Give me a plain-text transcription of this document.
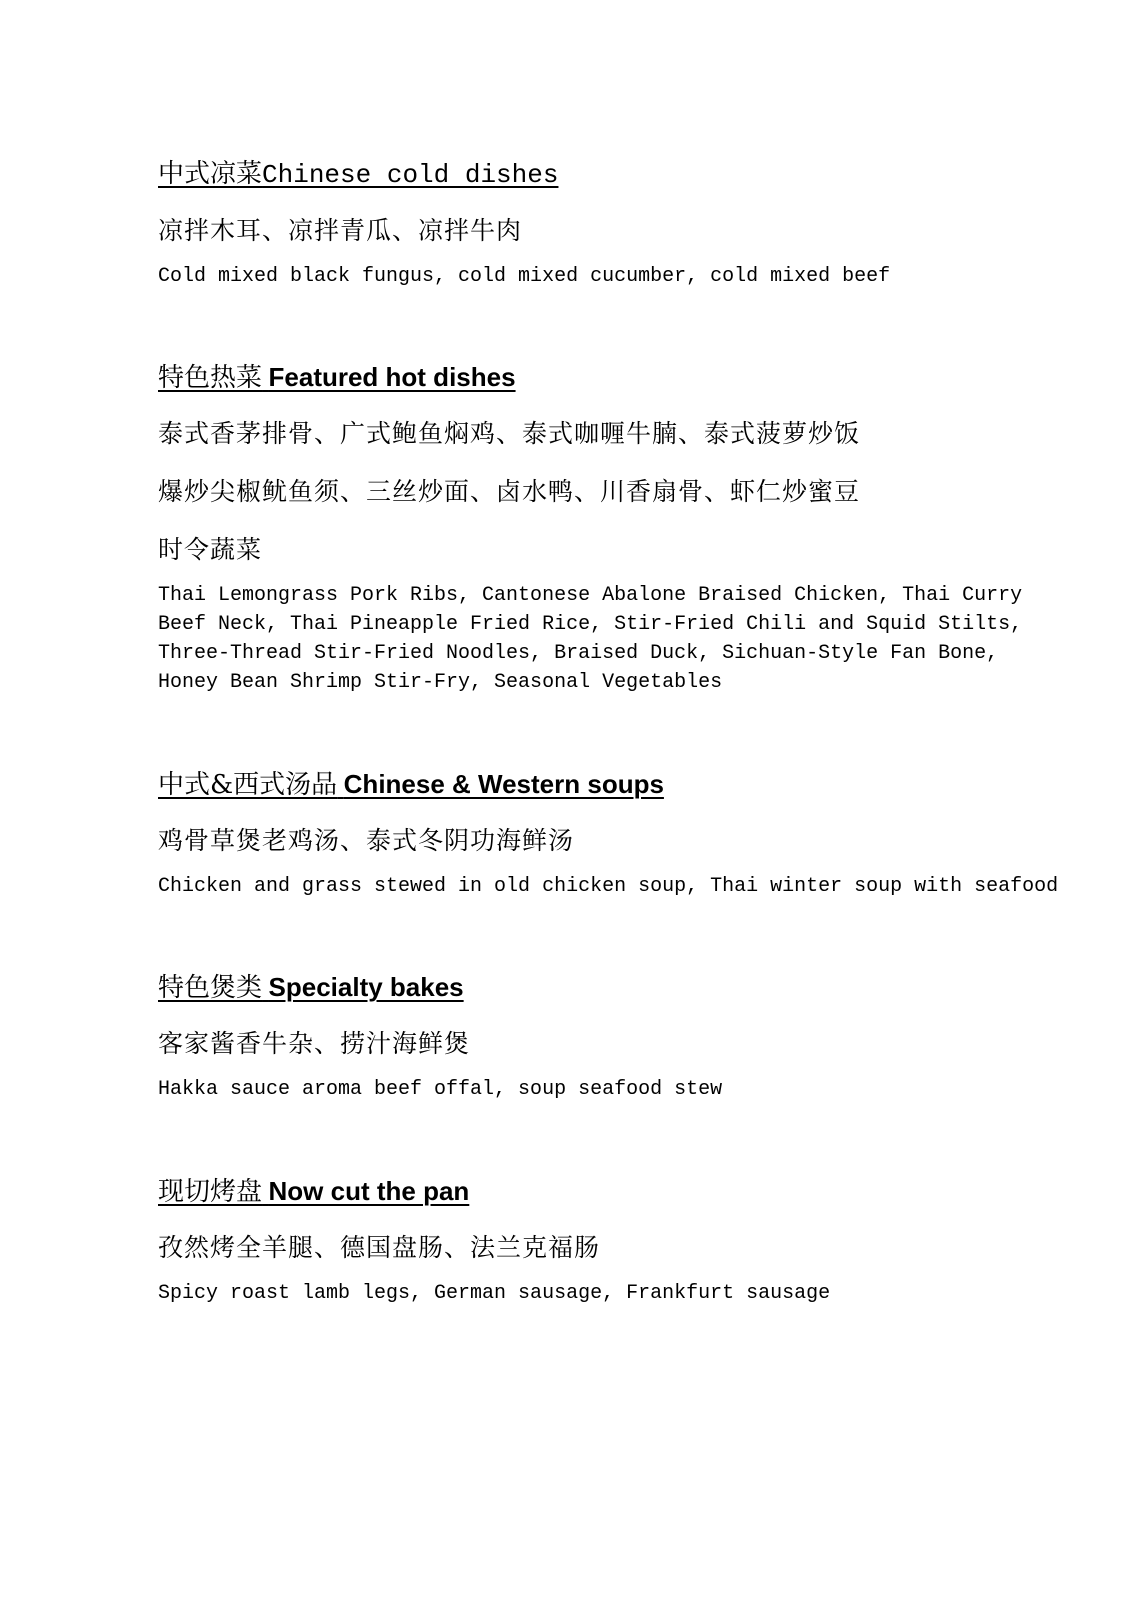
中式凉菜Chinese cold dishes

凉拌木耳、凉拌青瓜、凉拌牛肉

Cold mixed black fungus, cold mixed cucumber, cold mixed beef

特色热菜 Featured hot dishes

泰式香茅排骨、广式鲍鱼焖鸡、泰式咖喱牛腩、泰式菠萝炒饭

爆炒尖椒鱿鱼须、三丝炒面、卤水鸭、川香扇骨、虾仁炒蜜豆

时令蔬菜

Thai Lemongrass Pork Ribs, Cantonese Abalone Braised Chicken, Thai Curry

Beef Neck, Thai Pineapple Fried Rice, Stir-Fried Chili and Squid Stilts,

Three-Thread Stir-Fried Noodles, Braised Duck, Sichuan-Style Fan Bone,

Honey Bean Shrimp Stir-Fry, Seasonal Vegetables

中式&西式汤品 Chinese & Western soups

鸡骨草煲老鸡汤、泰式冬阴功海鲜汤

Chicken and grass stewed in old chicken soup, Thai winter soup with seafood

特色煲类 Specialty bakes

客家酱香牛杂、捞汁海鲜煲

Hakka sauce aroma beef offal, soup seafood stew

现切烤盘 Now cut the pan

孜然烤全羊腿、德国盘肠、法兰克福肠

Spicy roast lamb legs, German sausage, Frankfurt sausage
